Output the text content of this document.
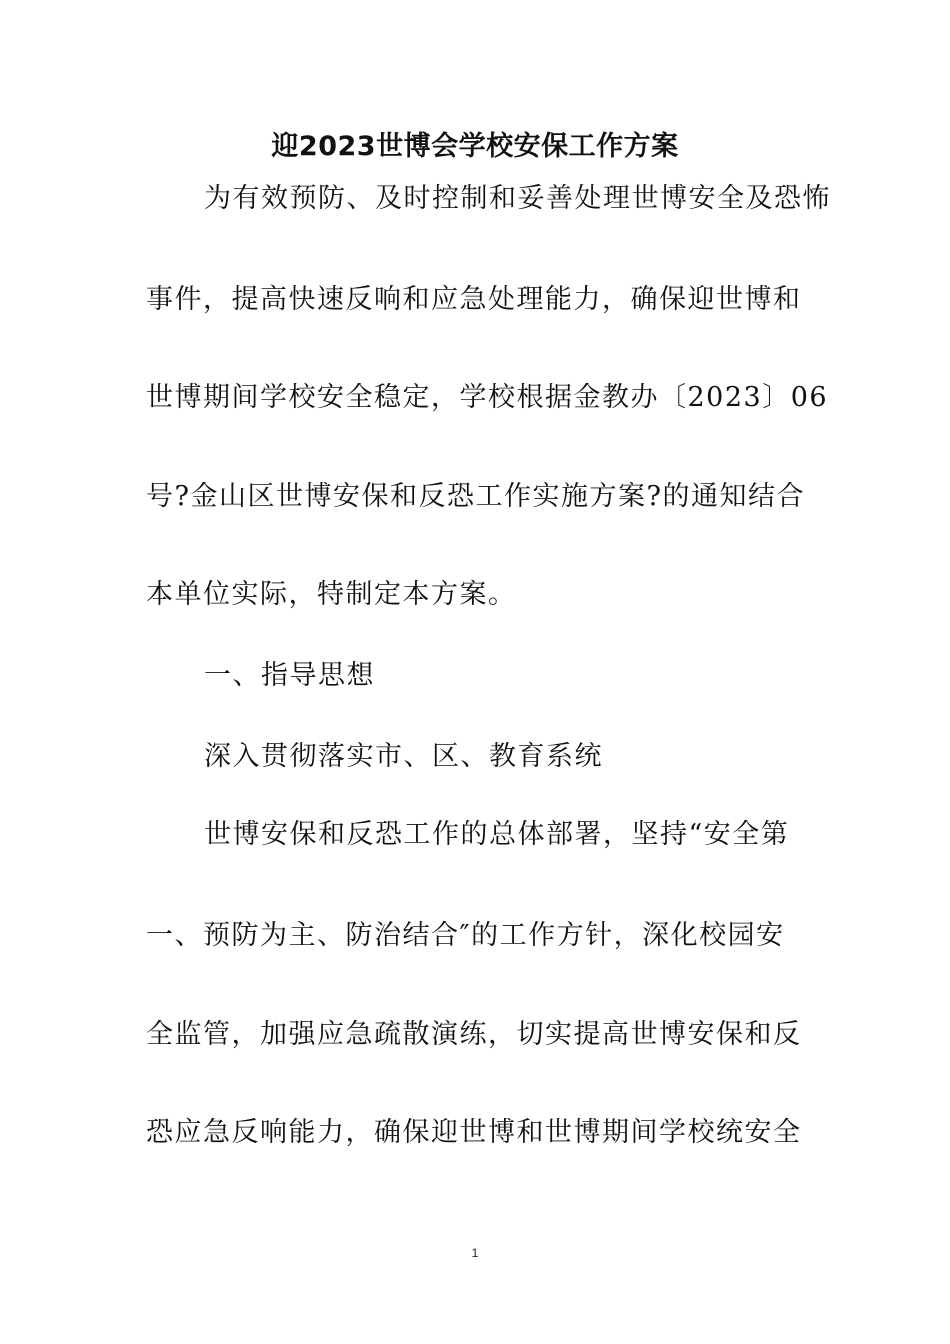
迎2023世博会学校安保工作方案
为有效预防、及时控制和妥善处理世博安全及恐怖
事件，提高快速反响和应急处理能力，确保迎世博和
世博期间学校安全稳定，学校根据金教办〔2023〕06
号?金山区世博安保和反恐工作实施方案?的通知结合
本单位实际，特制定本方案。
一、指导思想
深入贯彻落实市、区、教育系统
世博安保和反恐工作的总体部署，坚持“安全第
一、预防为主、防治结合″的工作方针，深化校园安
全监管，加强应急疏散演练，切实提高世博安保和反
恐应急反响能力，确保迎世博和世博期间学校统安全
1
